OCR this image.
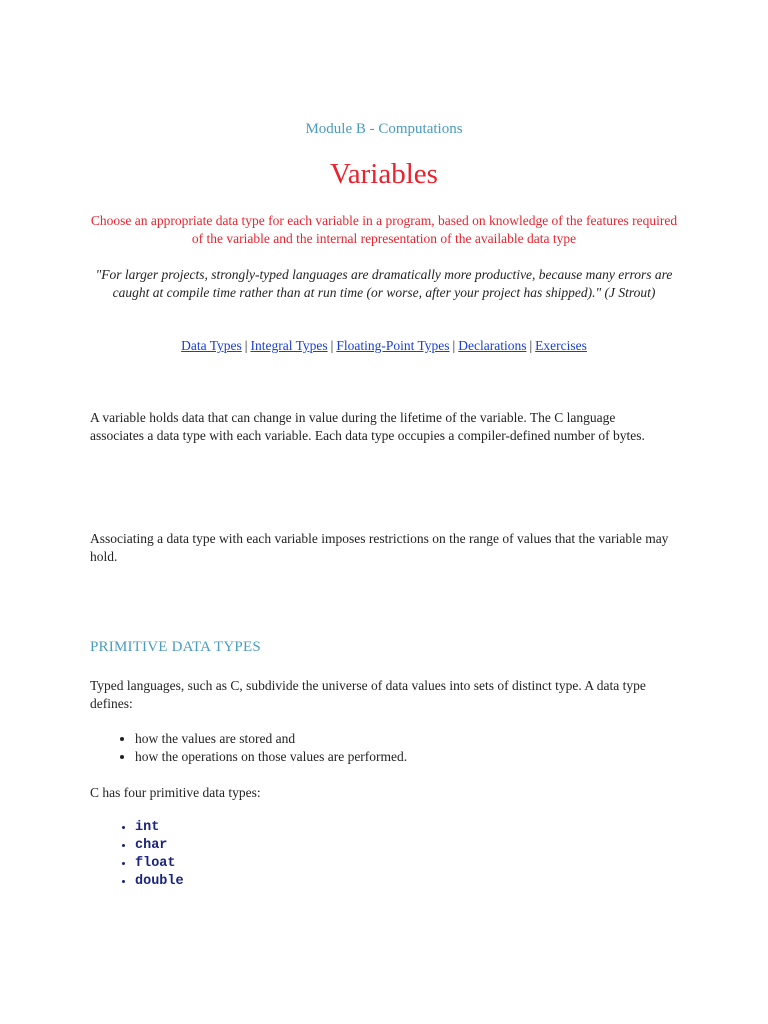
Module B - Computations
Variables
Choose an appropriate data type for each variable in a program, based on knowledge of the features required of the variable and the internal representation of the available data type
"For larger projects, strongly-typed languages are dramatically more productive, because many errors are caught at compile time rather than at run time (or worse, after your project has shipped)." (J Strout)
Data Types | Integral Types | Floating-Point Types | Declarations | Exercises

A variable holds data that can change in value during the lifetime of the variable. The C language associates a data type with each variable. Each data type occupies a compiler-defined number of bytes.

Associating a data type with each variable imposes restrictions on the range of values that the variable may hold.

PRIMITIVE DATA TYPES

Typed languages, such as C, subdivide the universe of data values into sets of distinct type. A data type defines:

• how the values are stored and
• how the operations on those values are performed.

C has four primitive data types:

• int
• char
• float
• double
